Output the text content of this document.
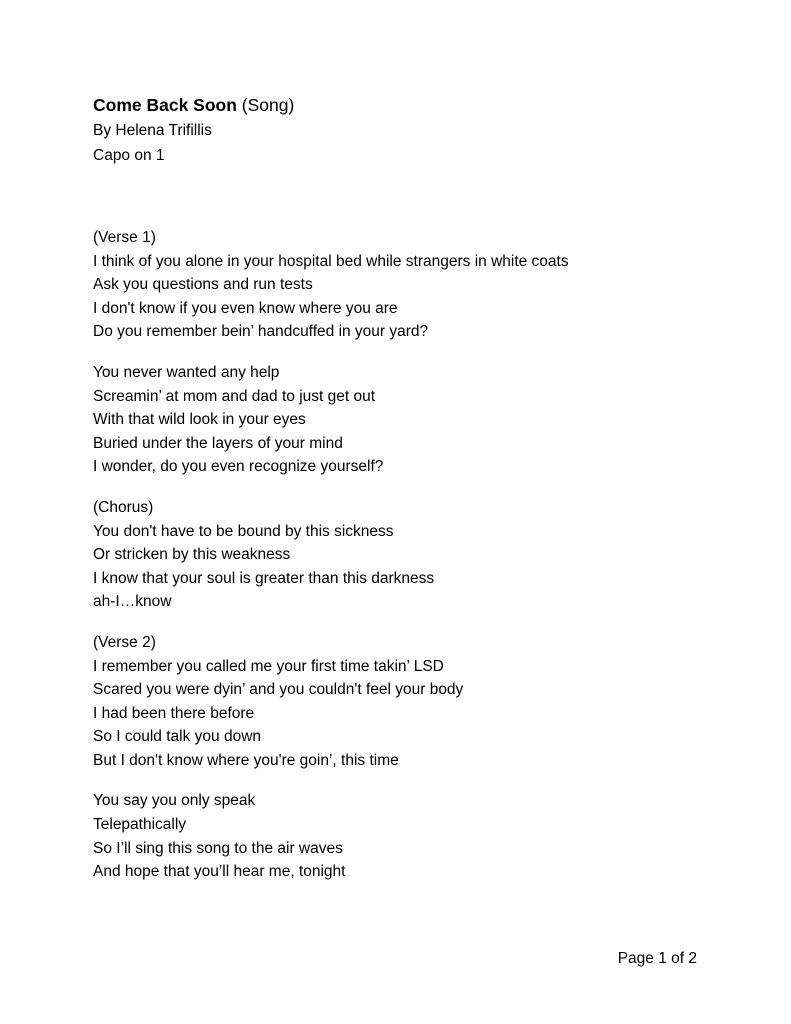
Come Back Soon (Song)

By Helena Trifillis

Capo on 1

(Verse 1)

I think of you alone in your hospital bed while strangers in white coats

Ask you questions and run tests

I don't know if you even know where you are

Do you remember bein’ handcuffed in your yard?

You never wanted any help

Screamin’ at mom and dad to just get out

With that wild look in your eyes

Buried under the layers of your mind

I wonder, do you even recognize yourself?

(Chorus)

You don't have to be bound by this sickness

Or stricken by this weakness

I know that your soul is greater than this darkness

ah-I…know

(Verse 2)

I remember you called me your first time takin’ LSD

Scared you were dyin’ and you couldn't feel your body

I had been there before

So I could talk you down

But I don't know where you're goin’, this time

You say you only speak

Telepathically

So I’ll sing this song to the air waves

And hope that you’ll hear me, tonight

Page 1 of 2
